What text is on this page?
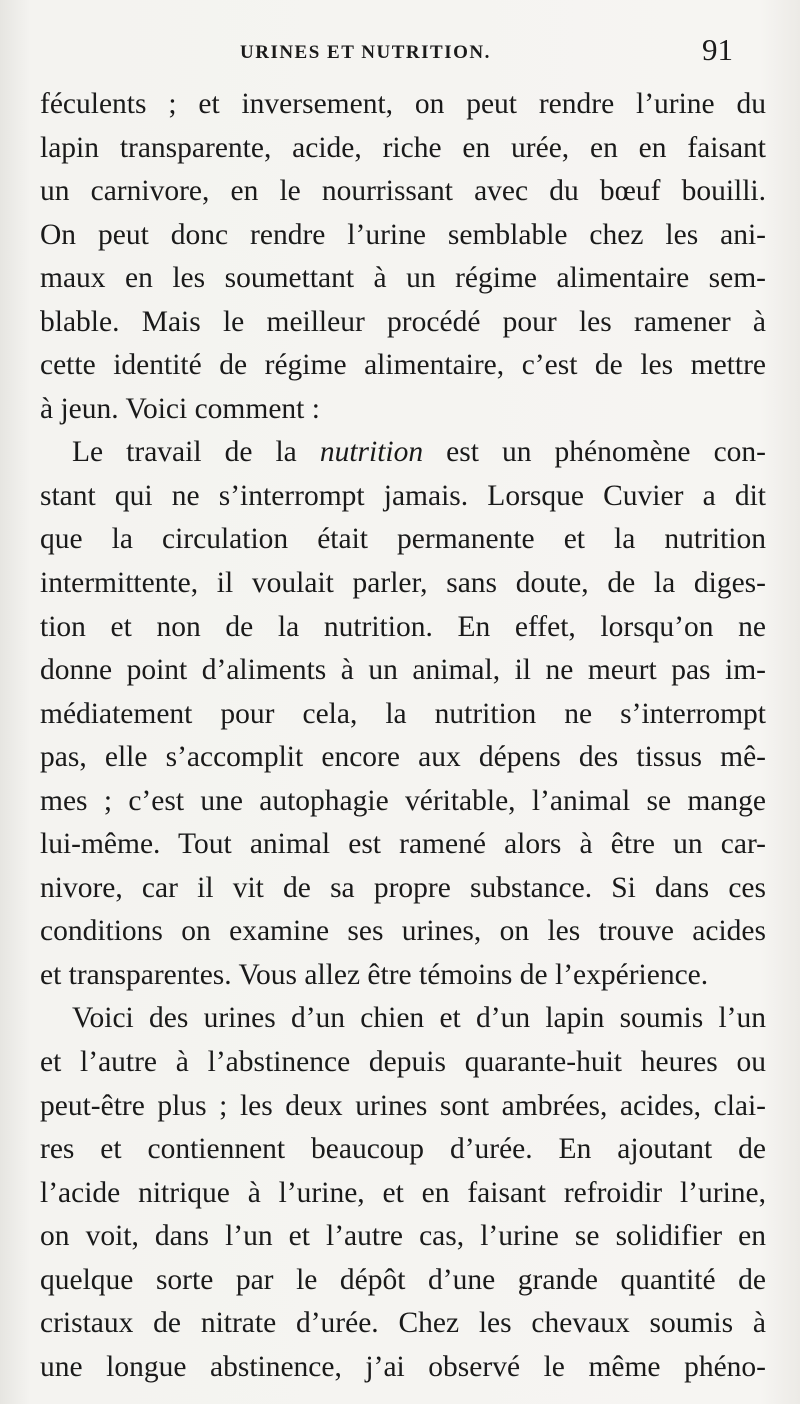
URINES ET NUTRITION.	91
féculents ; et inversement, on peut rendre l’urine du
lapin transparente, acide, riche en urée, en en faisant
un carnivore, en le nourrissant avec du bœuf bouilli.
On peut donc rendre l’urine semblable chez les ani-
maux en les soumettant à un régime alimentaire sem-
blable. Mais le meilleur procédé pour les ramener à
cette identité de régime alimentaire, c’est de les mettre
à jeun. Voici comment :
Le travail de la nutrition est un phénomène con-
stant qui ne s’interrompt jamais. Lorsque Cuvier a dit
que la circulation était permanente et la nutrition
intermittente, il voulait parler, sans doute, de la diges-
tion et non de la nutrition. En effet, lorsqu’on ne
donne point d’aliments à un animal, il ne meurt pas im-
médiatement pour cela, la nutrition ne s’interrompt
pas, elle s’accomplit encore aux dépens des tissus mê-
mes ; c’est une autophagie véritable, l’animal se mange
lui-même. Tout animal est ramené alors à être un car-
nivore, car il vit de sa propre substance. Si dans ces
conditions on examine ses urines, on les trouve acides
et transparentes. Vous allez être témoins de l’expérience.
Voici des urines d’un chien et d’un lapin soumis l’un
et l’autre à l’abstinence depuis quarante-huit heures ou
peut-être plus ; les deux urines sont ambrées, acides, clai-
res et contiennent beaucoup d’urée. En ajoutant de
l’acide nitrique à l’urine, et en faisant refroidir l’urine,
on voit, dans l’un et l’autre cas, l’urine se solidifier en
quelque sorte par le dépôt d’une grande quantité de
cristaux de nitrate d’urée. Chez les chevaux soumis à
une longue abstinence, j’ai observé le même phéno-
